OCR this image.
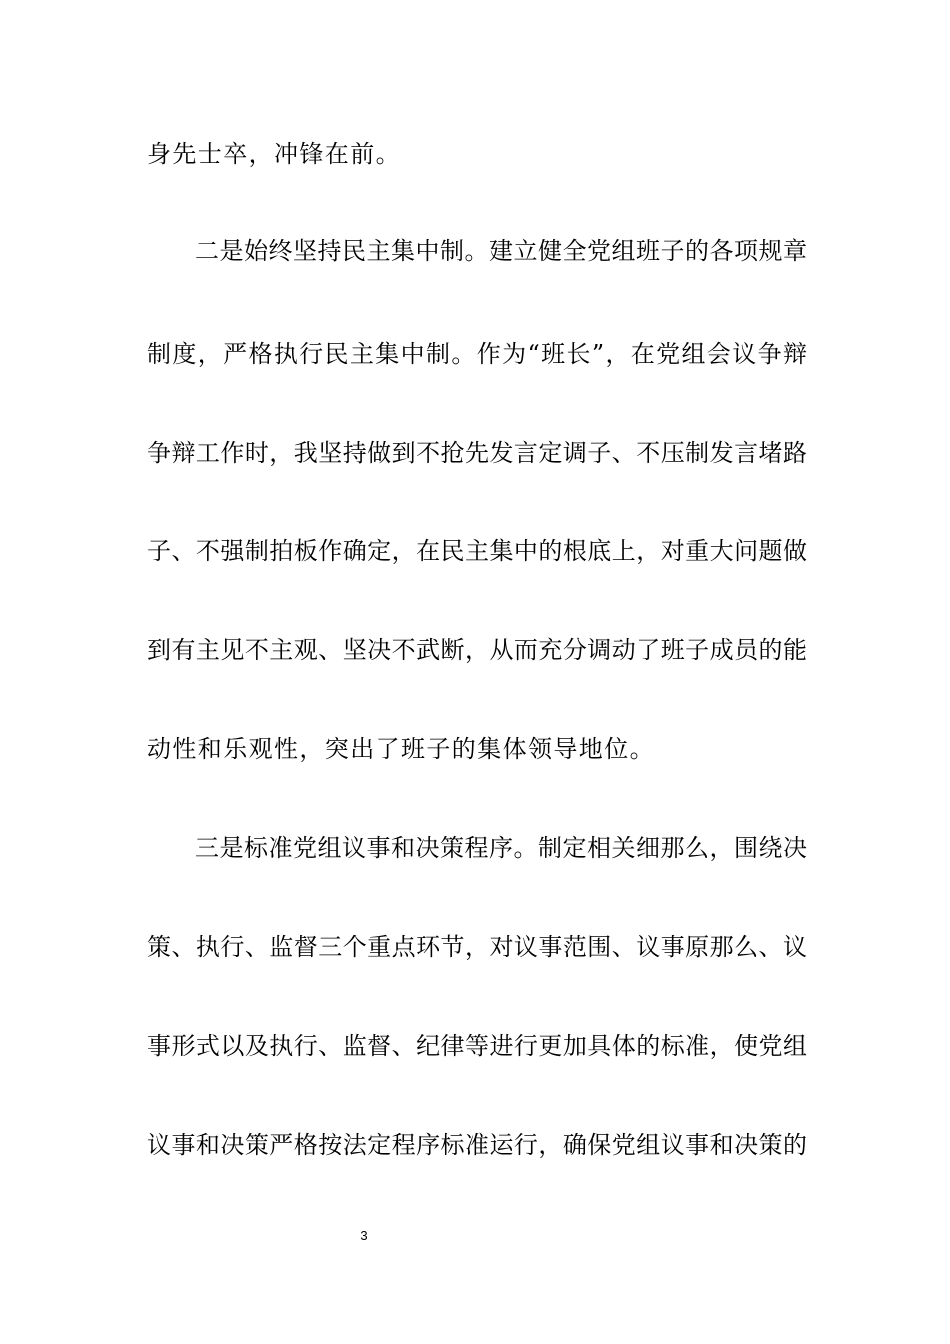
身先士卒，冲锋在前。
二是始终坚持民主集中制。建立健全党组班子的各项规章
制度，严格执行民主集中制。作为“班长”，在党组会议争辩
争辩工作时，我坚持做到不抢先发言定调子、不压制发言堵路
子、不强制拍板作确定，在民主集中的根底上，对重大问题做
到有主见不主观、坚决不武断，从而充分调动了班子成员的能
动性和乐观性，突出了班子的集体领导地位。
三是标准党组议事和决策程序。制定相关细那么，围绕决
策、执行、监督三个重点环节，对议事范围、议事原那么、议
事形式以及执行、监督、纪律等进行更加具体的标准，使党组
议事和决策严格按法定程序标准运行，确保党组议事和决策的
3
